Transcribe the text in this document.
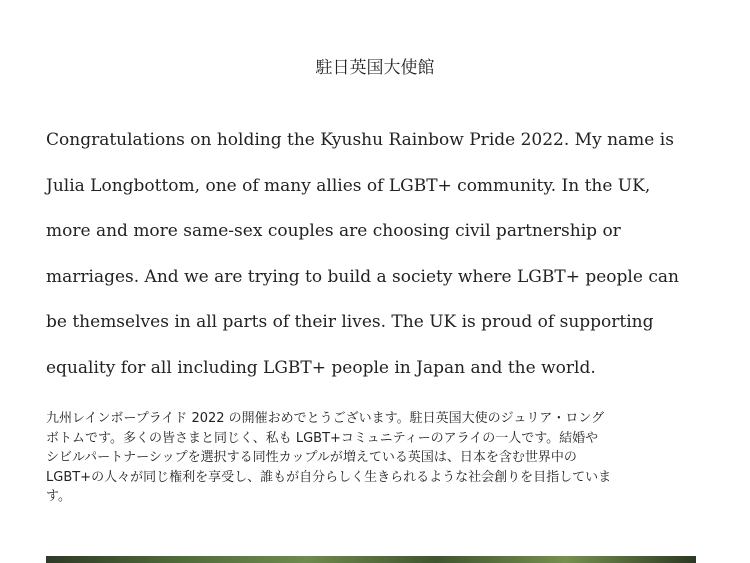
駐日英国大使館
Congratulations on holding the Kyushu Rainbow Pride 2022. My name is
Julia Longbottom, one of many allies of LGBT+ community. In the UK,
more and more same-sex couples are choosing civil partnership or
marriages. And we are trying to build a society where LGBT+ people can
be themselves in all parts of their lives. The UK is proud of supporting
equality for all including LGBT+ people in Japan and the world.
九州レインボープライド 2022 の開催おめでとうございます。駐日英国大使のジュリア・ロング
ボトムです。多くの皆さまと同じく、私も LGBT+コミュニティーのアライの一人です。結婚や
シビルパートナーシップを選択する同性カップルが増えている英国は、日本を含む世界中の
LGBT+の人々が同じ権利を享受し、誰もが自分らしく生きられるような社会創りを目指していま
す。
